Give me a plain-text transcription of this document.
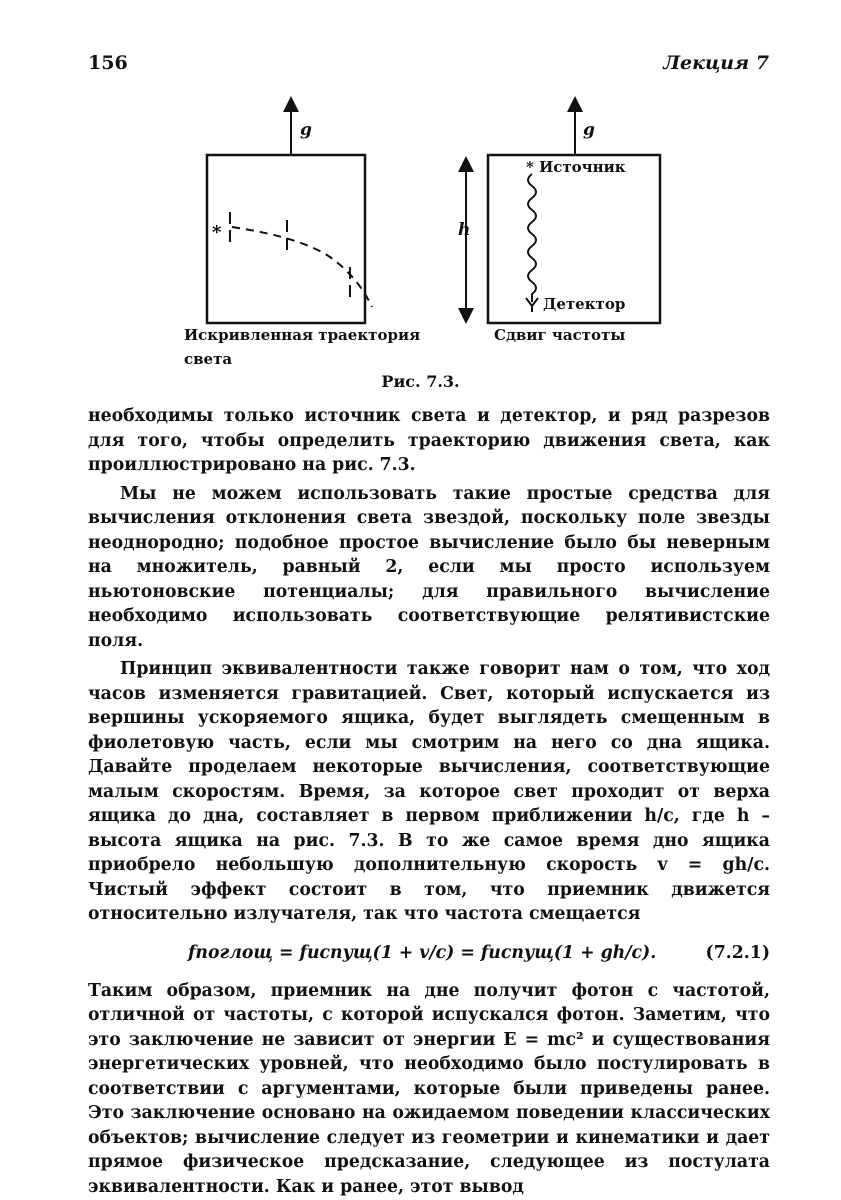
156	Лекция 7
*
g	g
h
* Источник
Детектор
Искривленная траектория
света
Сдвиг частоты
Рис. 7.3.

необходимы только источник света и детектор, и ряд разрезов для того, чтобы определить траекторию движения света, как проиллюстрировано на рис. 7.3.

Мы не можем использовать такие простые средства для вычисления отклонения света звездой, поскольку поле звезды неоднородно; подобное простое вычисление было бы неверным на множитель, равный 2, если мы просто используем ньютоновские потенциалы; для правильного вычисление необходимо использовать соответствующие релятивистские поля.

Принцип эквивалентности также говорит нам о том, что ход часов изменяется гравитацией. Свет, который испускается из вершины ускоряемого ящика, будет выглядеть смещенным в фиолетовую часть, если мы смотрим на него со дна ящика. Давайте проделаем некоторые вычисления, соответствующие малым скоростям. Время, за которое свет проходит от верха ящика до дна, составляет в первом приближении h/c, где h – высота ящика на рис. 7.3. В то же самое время дно ящика приобрело небольшую дополнительную скорость v = gh/c. Чистый эффект состоит в том, что приемник движется относительно излучателя, так что частота смещается

fпоглощ = fиспущ(1 + v/c) = fиспущ(1 + gh/c).	(7.2.1)

Таким образом, приемник на дне получит фотон с частотой, отличной от частоты, с которой испускался фотон. Заметим, что это заключение не зависит от энергии E = mc² и существования энергетических уровней, что необходимо было постулировать в соответствии с аргументами, которые были приведены ранее. Это заключение основано на ожидаемом поведении классических объектов; вычисление следует из геометрии и кинематики и дает прямое физическое предсказание, следующее из постулата эквивалентности. Как и ранее, этот вывод
